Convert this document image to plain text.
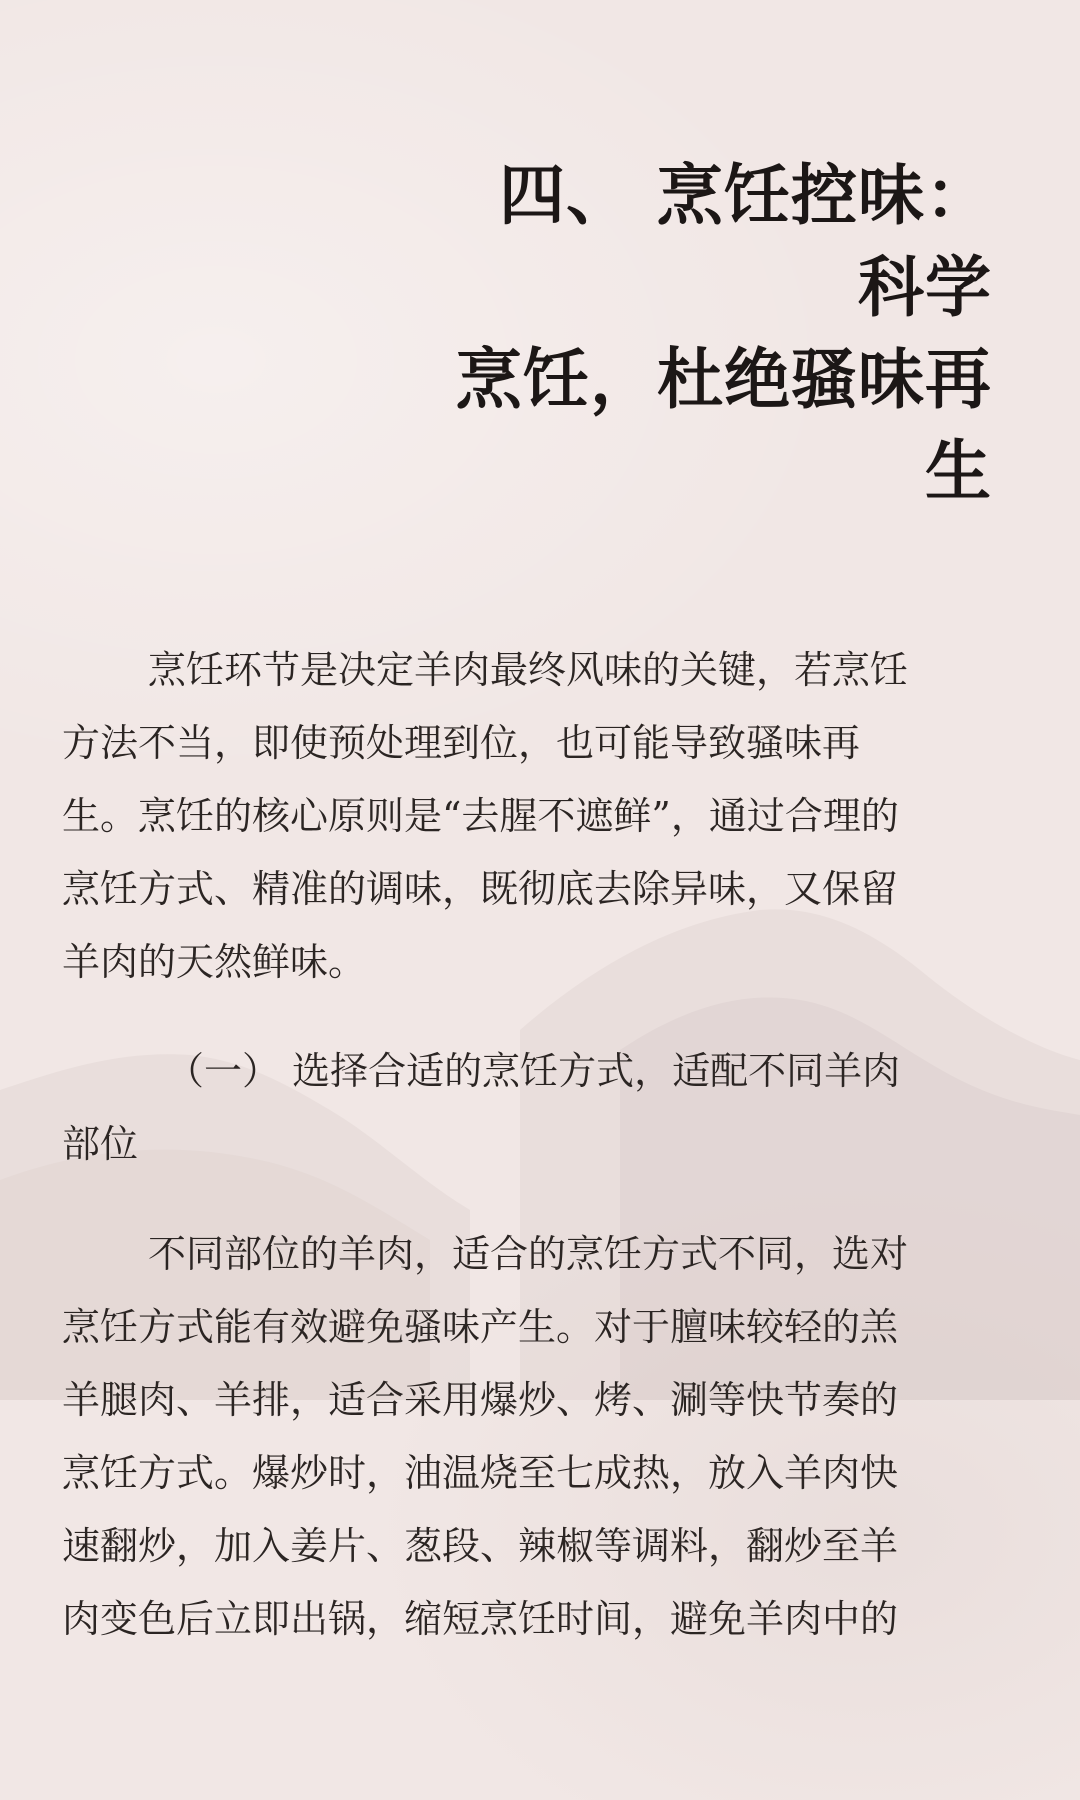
四、 烹饪控味：
科学
烹饪，杜绝骚味再
生
烹饪环节是决定羊肉最终风味的关键，若烹饪
方法不当，即使预处理到位，也可能导致骚味再
生。烹饪的核心原则是“去腥不遮鲜”，通过合理的
烹饪方式、精准的调味，既彻底去除异味，又保留
羊肉的天然鲜味。
（一） 选择合适的烹饪方式，适配不同羊肉
部位
不同部位的羊肉，适合的烹饪方式不同，选对
烹饪方式能有效避免骚味产生。对于膻味较轻的羔
羊腿肉、羊排，适合采用爆炒、烤、涮等快节奏的
烹饪方式。爆炒时，油温烧至七成热，放入羊肉快
速翻炒，加入姜片、葱段、辣椒等调料，翻炒至羊
肉变色后立即出锅，缩短烹饪时间，避免羊肉中的
